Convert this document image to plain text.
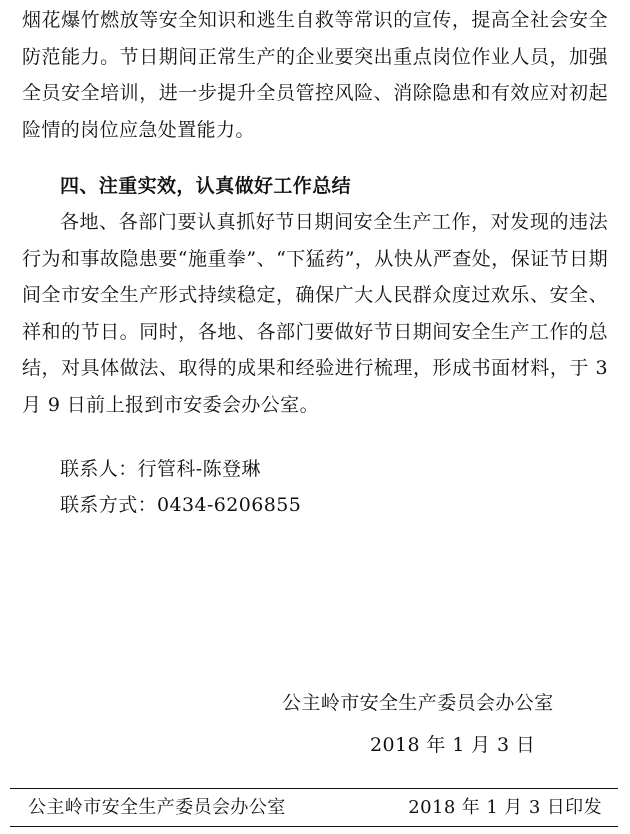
烟花爆竹燃放等安全知识和逃生自救等常识的宣传，提高全社会安全防范能力。节日期间正常生产的企业要突出重点岗位作业人员，加强全员安全培训，进一步提升全员管控风险、消除隐患和有效应对初起险情的岗位应急处置能力。
四、注重实效，认真做好工作总结
各地、各部门要认真抓好节日期间安全生产工作，对发现的违法行为和事故隐患要“施重拳”、“下猛药”，从快从严查处，保证节日期间全市安全生产形式持续稳定，确保广大人民群众度过欢乐、安全、祥和的节日。同时，各地、各部门要做好节日期间安全生产工作的总结，对具体做法、取得的成果和经验进行梳理，形成书面材料，于 3 月 9 日前上报到市安委会办公室。
联系人：行管科-陈登琳
联系方式：0434-6206855
公主岭市安全生产委员会办公室
2018 年 1 月 3 日
公主岭市安全生产委员会办公室	2018 年 1 月 3 日印发
